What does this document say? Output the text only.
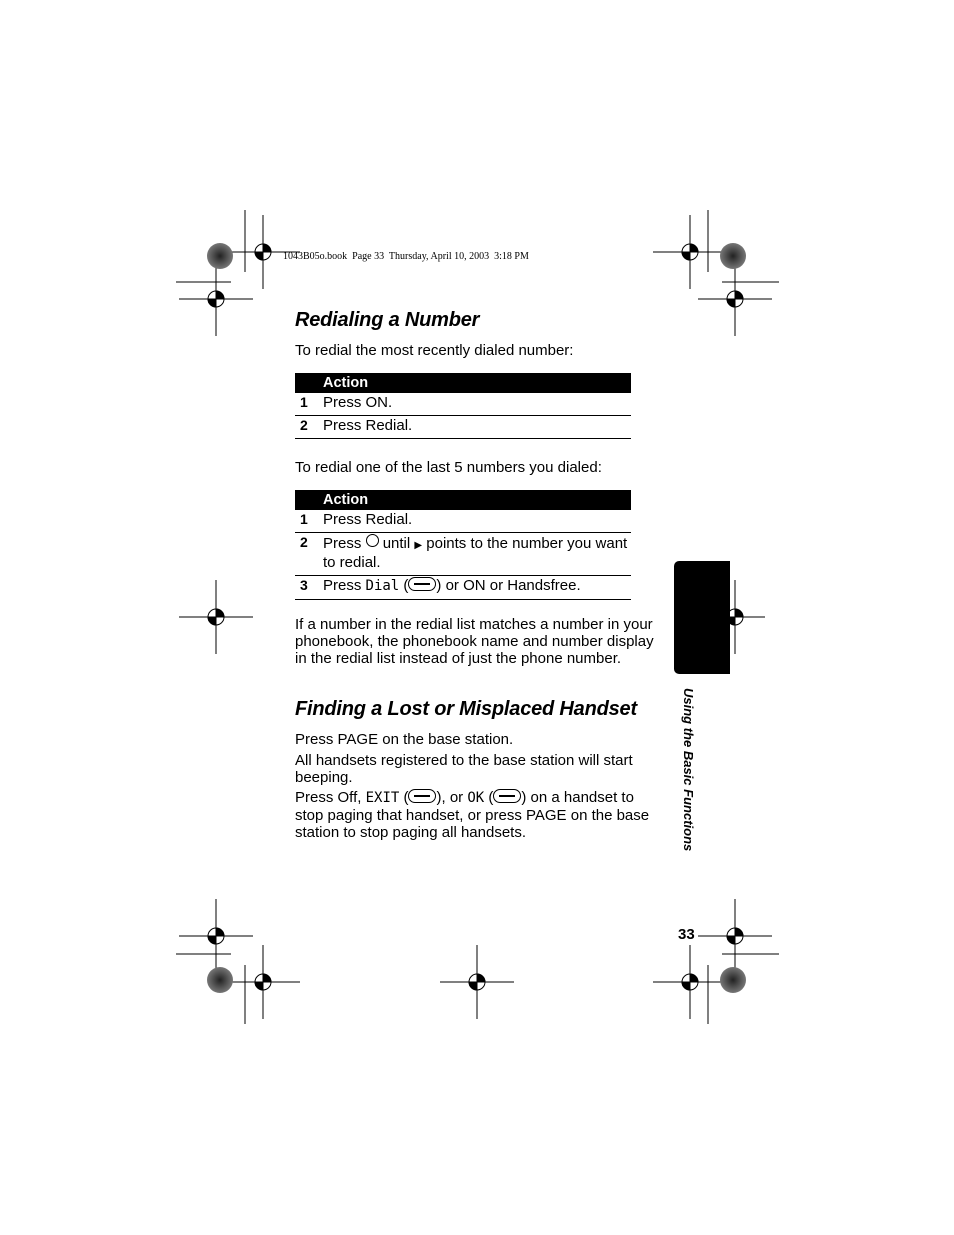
1043B05o.book  Page 33  Thursday, April 10, 2003  3:18 PM
Redialing a Number

To redial the most recently dialed number:

	Action
1	Press ON.
2	Press Redial.

To redial one of the last 5 numbers you dialed:

	Action
1	Press Redial.
2	Press until ▶ points to the number you want to redial.
3	Press Dial ( ) or ON or Handsfree.

If a number in the redial list matches a number in your phonebook, the phonebook name and number display in the redial list instead of just the phone number.

Finding a Lost or Misplaced Handset

Press PAGE on the base station.

All handsets registered to the base station will start beeping.

Press Off, EXIT ( ), or OK ( ) on a handset to stop paging that handset, or press PAGE on the base station to stop paging all handsets.	Using the Basic Functions
33
